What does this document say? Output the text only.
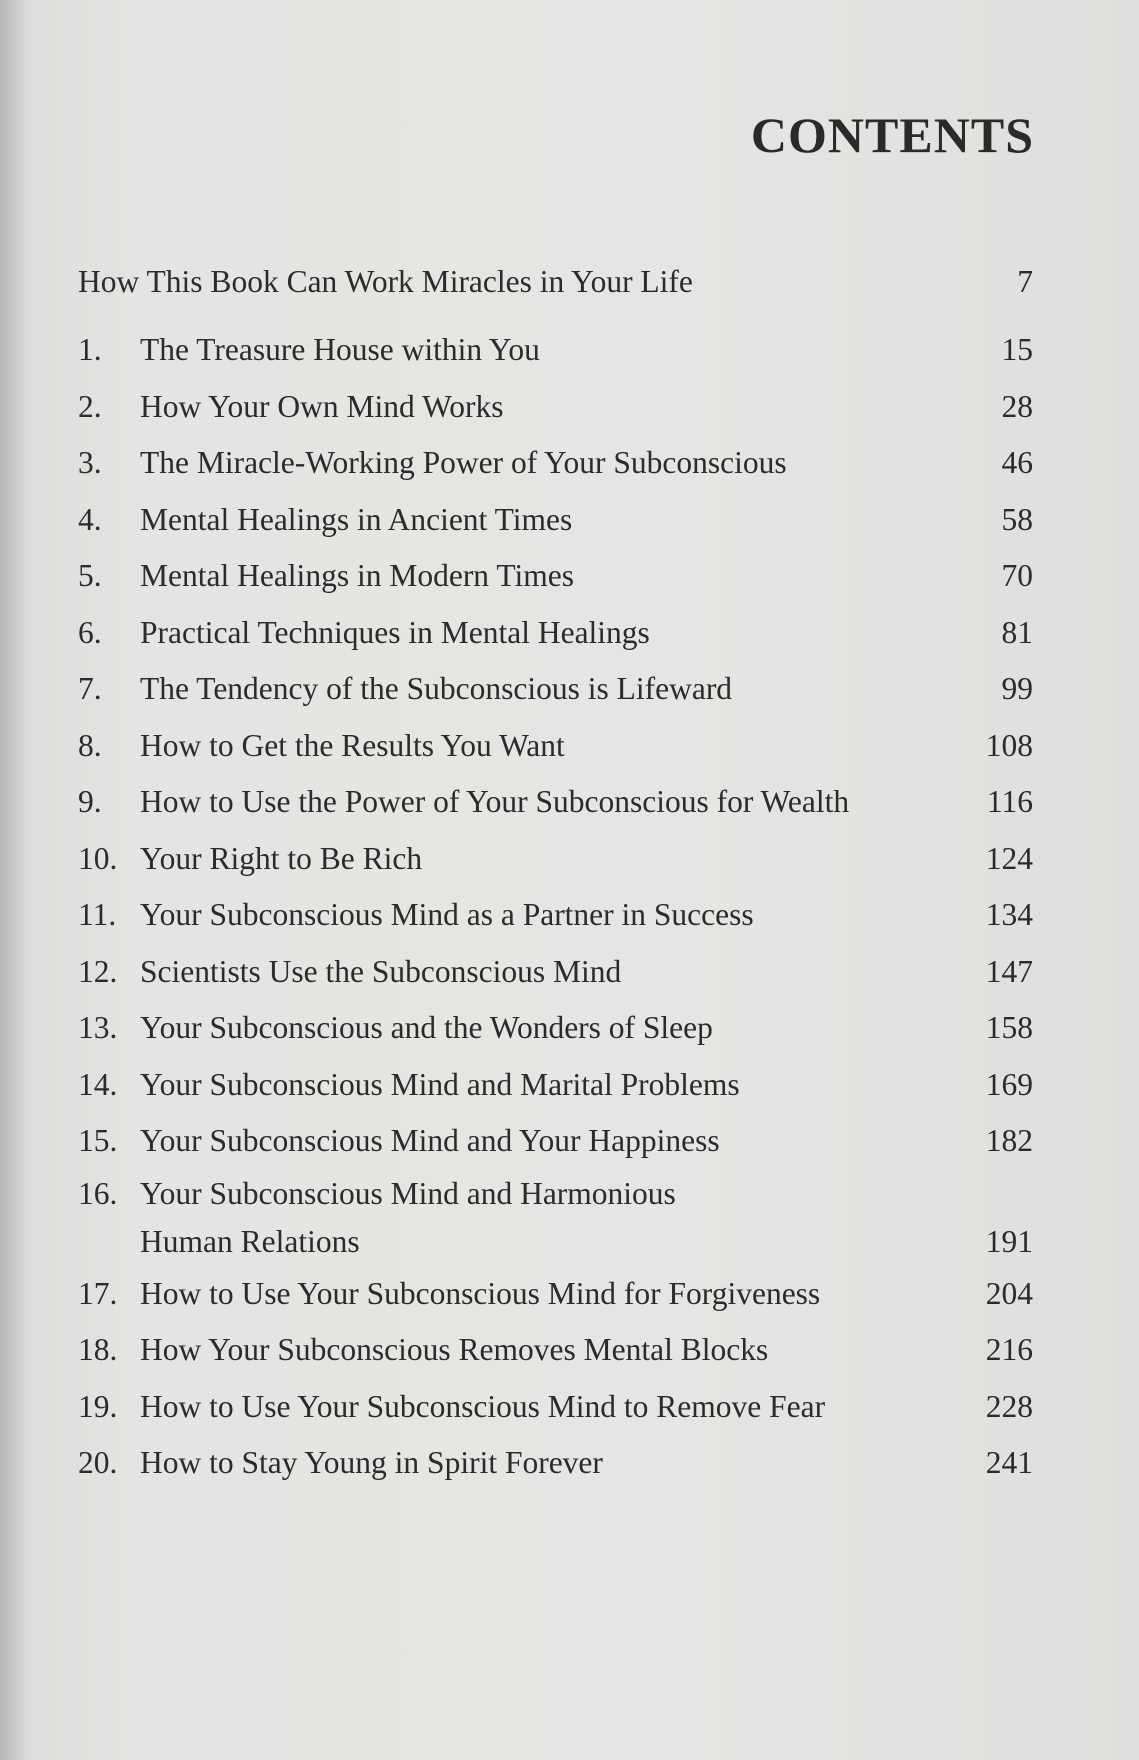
CONTENTS
How This Book Can Work Miracles in Your Life	7
1.	The Treasure House within You	15
2.	How Your Own Mind Works	28
3.	The Miracle-Working Power of Your Subconscious	46
4.	Mental Healings in Ancient Times	58
5.	Mental Healings in Modern Times	70
6.	Practical Techniques in Mental Healings	81
7.	The Tendency of the Subconscious is Lifeward	99
8.	How to Get the Results You Want	108
9.	How to Use the Power of Your Subconscious for Wealth	116
10. Your Right to Be Rich	124
11. Your Subconscious Mind as a Partner in Success	134
12. Scientists Use the Subconscious Mind	147
13. Your Subconscious and the Wonders of Sleep	158
14. Your Subconscious Mind and Marital Problems	169
15. Your Subconscious Mind and Your Happiness	182
16. Your Subconscious Mind and Harmonious
Human Relations	191
17. How to Use Your Subconscious Mind for Forgiveness	204
18. How Your Subconscious Removes Mental Blocks	216
19. How to Use Your Subconscious Mind to Remove Fear	228
20. How to Stay Young in Spirit Forever	241
